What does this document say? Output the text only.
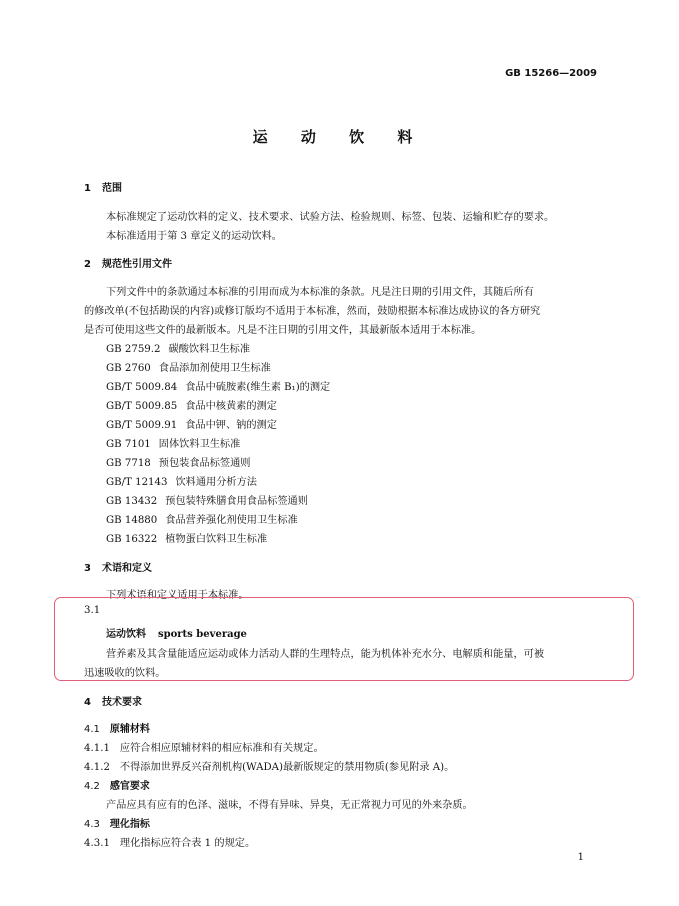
GB 15266—2009
运 动 饮 料
1 范围
本标准规定了运动饮料的定义、技术要求、试验方法、检验规则、标签、包装、运输和贮存的要求。
本标准适用于第 3 章定义的运动饮料。
2 规范性引用文件
下列文件中的条款通过本标准的引用而成为本标准的条款。凡是注日期的引用文件，其随后所有
的修改单(不包括勘误的内容)或修订版均不适用于本标准，然而，鼓励根据本标准达成协议的各方研究
是否可使用这些文件的最新版本。凡是不注日期的引用文件，其最新版本适用于本标准。
GB 2759.2 碳酸饮料卫生标准
GB 2760 食品添加剂使用卫生标准
GB/T 5009.84 食品中硫胺素(维生素 B₁)的测定
GB/T 5009.85 食品中核黄素的测定
GB/T 5009.91 食品中钾、钠的测定
GB 7101 固体饮料卫生标准
GB 7718 预包装食品标签通则
GB/T 12143 饮料通用分析方法
GB 13432 预包装特殊膳食用食品标签通则
GB 14880 食品营养强化剂使用卫生标准
GB 16322 植物蛋白饮料卫生标准
3 术语和定义
下列术语和定义适用于本标准。
3.1
运动饮料 sports beverage
营养素及其含量能适应运动或体力活动人群的生理特点，能为机体补充水分、电解质和能量，可被
迅速吸收的饮料。
4 技术要求
4.1 原辅材料
4.1.1 应符合相应原辅材料的相应标准和有关规定。
4.1.2 不得添加世界反兴奋剂机构(WADA)最新版规定的禁用物质(参见附录 A)。
4.2 感官要求
产品应具有应有的色泽、滋味，不得有异味、异臭，无正常视力可见的外来杂质。
4.3 理化指标
4.3.1 理化指标应符合表 1 的规定。
1
